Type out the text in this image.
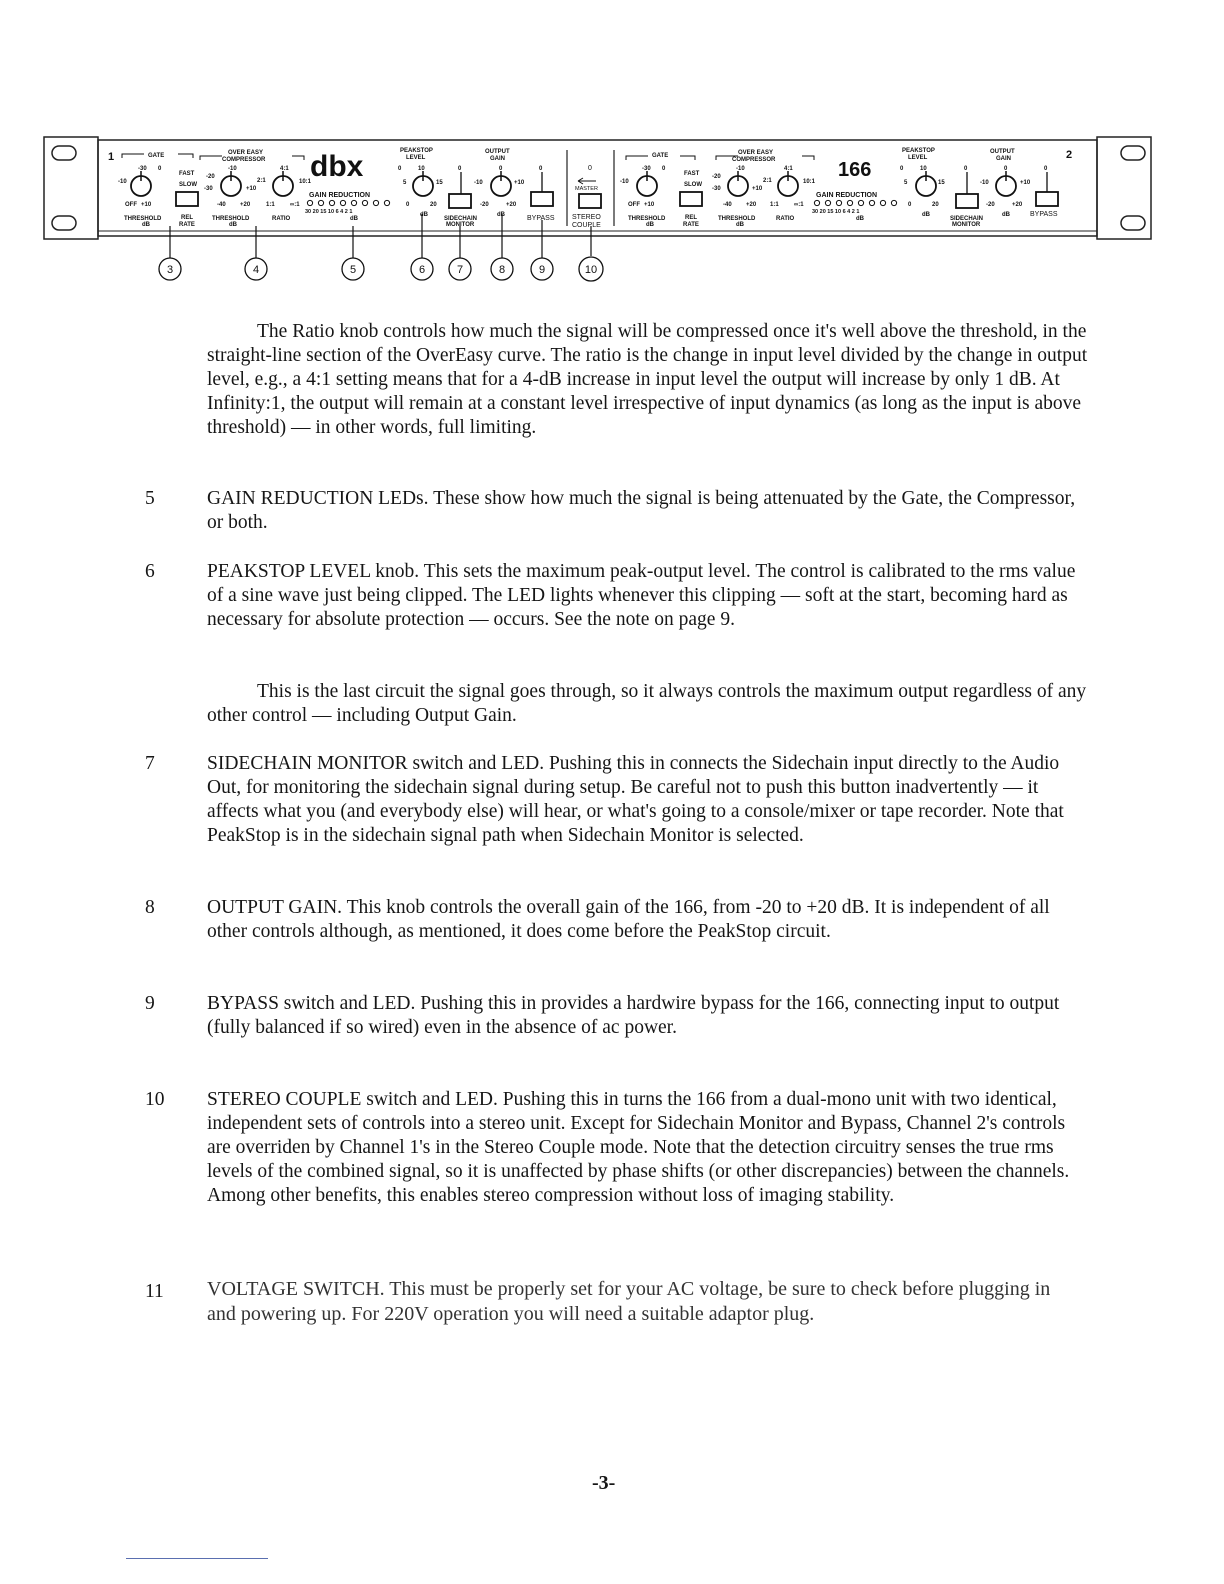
1	GATE
-30 0
-10
OFF +10
THRESHOLD
dB
FAST
SLOW
REL
RATE
OVER EASY
COMPRESSOR
-10
-20
-30	+10
-40 +20
THRESHOLD
dB
4:1
2:1	10:1
1:1	∞:1
RATIO
dbx
GAIN REDUCTION
30 20 15 10 6 4 2 1
dB
PEAKSTOP
LEVEL
0	10
5	15
0	20
dB
0
SIDECHAIN
MONITOR
OUTPUT
GAIN
0
-10	+10
-20	+20
dB
0
BYPASS
0
MASTER
STEREO
COUPLE
GATE
-30 0
-10
OFF +10
THRESHOLD
dB
FAST
SLOW
REL
RATE
OVER EASY
COMPRESSOR
-10
-20
-30	+10
-40 +20
THRESHOLD
dB
4:1
2:1	10:1
1:1	∞:1
RATIO
166
GAIN REDUCTION
30 20 15 10 6 4 2 1
dB
PEAKSTOP
LEVEL
0	10
5	15
0	20
dB
0
SIDECHAIN
MONITOR
OUTPUT
GAIN
0
-10	+10
-20	+20
dB
2
0
BYPASS
3	4	5	6	7	8	9	10

The Ratio knob controls how much the signal will be compressed once it's well above the threshold, in the straight-line section of the OverEasy curve. The ratio is the change in input level divided by the change in output level, e.g., a 4:1 setting means that for a 4-dB increase in input level the output will increase by only 1 dB. At Infinity:1, the output will remain at a constant level irrespective of input dynamics (as long as the input is above threshold) — in other words, full limiting.

5	GAIN REDUCTION LEDs. These show how much the signal is being attenuated by the Gate, the Compressor, or both.

6	PEAKSTOP LEVEL knob. This sets the maximum peak-output level. The control is calibrated to the rms value of a sine wave just being clipped. The LED lights whenever this clipping — soft at the start, becoming hard as necessary for absolute protection — occurs. See the note on page 9.

This is the last circuit the signal goes through, so it always controls the maximum output regardless of any other control — including Output Gain.

7	SIDECHAIN MONITOR switch and LED. Pushing this in connects the Sidechain input directly to the Audio Out, for monitoring the sidechain signal during setup. Be careful not to push this button inadvertently — it affects what you (and everybody else) will hear, or what's going to a console/mixer or tape recorder. Note that PeakStop is in the sidechain signal path when Sidechain Monitor is selected.

8	OUTPUT GAIN. This knob controls the overall gain of the 166, from -20 to +20 dB. It is independent of all other controls although, as mentioned, it does come before the PeakStop circuit.

9	BYPASS switch and LED. Pushing this in provides a hardwire bypass for the 166, connecting input to output (fully balanced if so wired) even in the absence of ac power.

10 STEREO COUPLE switch and LED. Pushing this in turns the 166 from a dual-mono unit with two identical, independent sets of controls into a stereo unit. Except for Sidechain Monitor and Bypass, Channel 2's controls are overriden by Channel 1's in the Stereo Couple mode. Note that the detection circuitry senses the true rms levels of the combined signal, so it is unaffected by phase shifts (or other discrepancies) between the channels. Among other benefits, this enables stereo compression without loss of imaging stability.

11 VOLTAGE SWITCH. This must be properly set for your AC voltage, be sure to check before plugging in and powering up. For 220V operation you will need a suitable adaptor plug.

-3-
